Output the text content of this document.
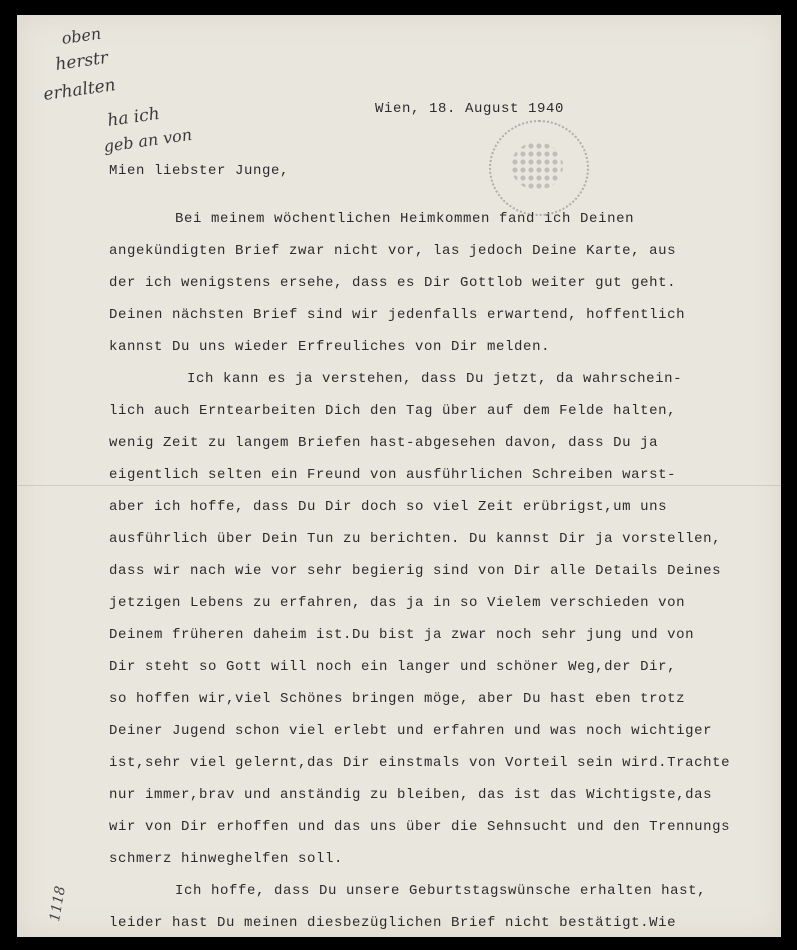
oben
herstr
erhalten
ha ich
geb an von
Wien, 18. August 1940
Mien liebster Junge,
Bei meinem wöchentlichen Heimkommen fand ich Deinen
angekündigten Brief zwar nicht vor, las jedoch Deine Karte, aus
der ich wenigstens ersehe, dass es Dir Gottlob weiter gut geht.
Deinen nächsten Brief sind wir jedenfalls erwartend, hoffentlich
kannst Du uns wieder Erfreuliches von Dir melden.
Ich kann es ja verstehen, dass Du jetzt, da wahrschein-
lich auch Erntearbeiten Dich den Tag über auf dem Felde halten,
wenig Zeit zu langem Briefen hast-abgesehen davon, dass Du ja
eigentlich selten ein Freund von ausführlichen Schreiben warst-
aber ich hoffe, dass Du Dir doch so viel Zeit erübrigst,um uns
ausführlich über Dein Tun zu berichten. Du kannst Dir ja vorstellen,
dass wir nach wie vor sehr begierig sind von Dir alle Details Deines
jetzigen Lebens zu erfahren, das ja in so Vielem verschieden von
Deinem früheren daheim ist.Du bist ja zwar noch sehr jung und von
Dir steht so Gott will noch ein langer und schöner Weg,der Dir,
so hoffen wir,viel Schönes bringen möge, aber Du hast eben trotz
Deiner Jugend schon viel erlebt und erfahren und was noch wichtiger
ist,sehr viel gelernt,das Dir einstmals von Vorteil sein wird.Trachte
nur immer,brav und anständig zu bleiben, das ist das Wichtigste,das
wir von Dir erhoffen und das uns über die Sehnsucht und den Trennungs
schmerz hinweghelfen soll.
Ich hoffe, dass Du unsere Geburtstagswünsche erhalten hast,
leider hast Du meinen diesbezüglichen Brief nicht bestätigt.Wie
1118
